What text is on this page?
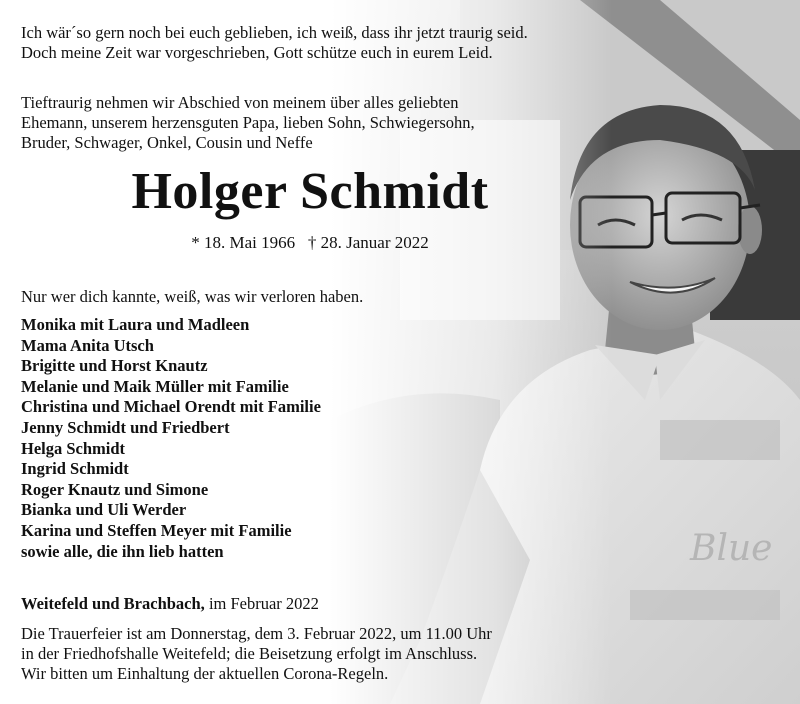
Ich wär´so gern noch bei euch geblieben, ich weiß, dass ihr jetzt traurig seid.
Doch meine Zeit war vorgeschrieben, Gott schütze euch in eurem Leid.
Tieftraurig nehmen wir Abschied von meinem über alles geliebten
Ehemann, unserem herzensguten Papa, lieben Sohn, Schwiegersohn,
Bruder, Schwager, Onkel, Cousin und Neffe
Holger Schmidt
* 18. Mai 1966   † 28. Januar 2022
Nur wer dich kannte, weiß, was wir verloren haben.
Monika mit Laura und Madleen
Mama Anita Utsch
Brigitte und Horst Knautz
Melanie und Maik Müller mit Familie
Christina und Michael Orendt mit Familie
Jenny Schmidt und Friedbert
Helga Schmidt
Ingrid Schmidt
Roger Knautz und Simone
Bianka und Uli Werder
Karina und Steffen Meyer mit Familie
sowie alle, die ihn lieb hatten
Weitefeld und Brachbach, im Februar 2022
Die Trauerfeier ist am Donnerstag, dem 3. Februar 2022, um 11.00 Uhr
in der Friedhofshalle Weitefeld; die Beisetzung erfolgt im Anschluss.
Wir bitten um Einhaltung der aktuellen Corona-Regeln.
